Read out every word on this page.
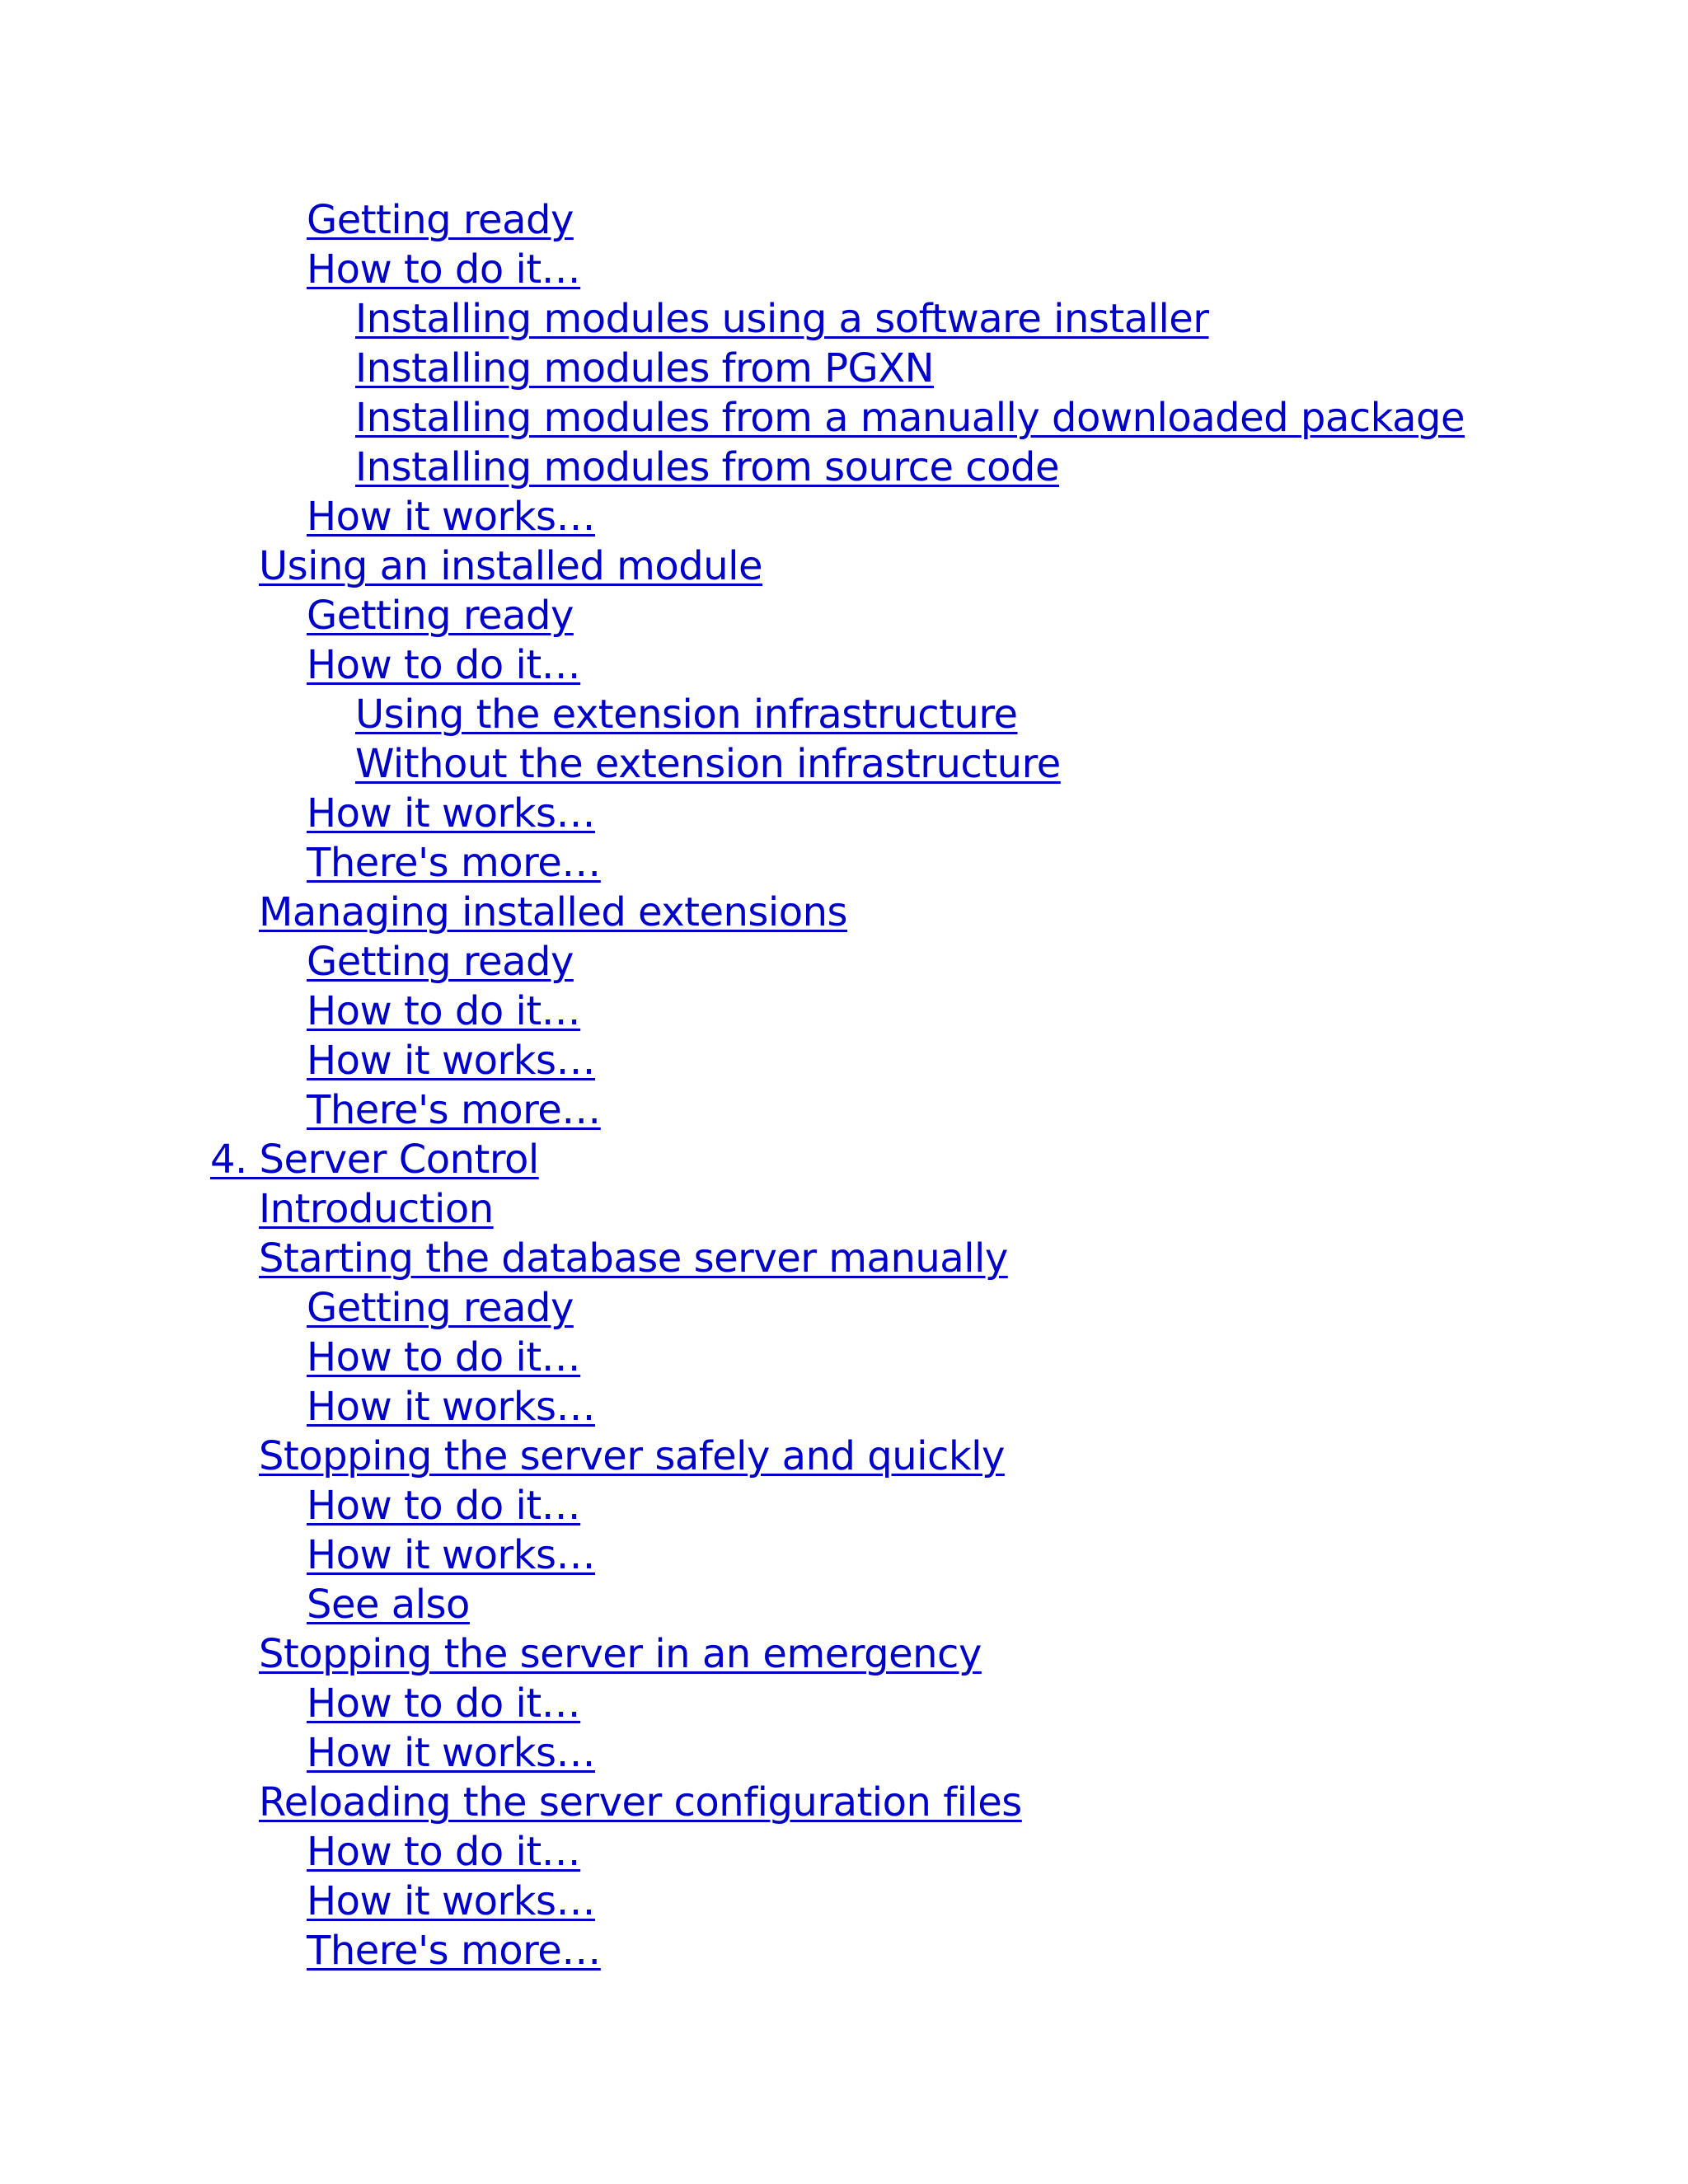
Getting ready
How to do it…
Installing modules using a software installer
Installing modules from PGXN
Installing modules from a manually downloaded package
Installing modules from source code
How it works…
Using an installed module
Getting ready
How to do it…
Using the extension infrastructure
Without the extension infrastructure
How it works…
There's more…
Managing installed extensions
Getting ready
How to do it…
How it works…
There's more…
4. Server Control
Introduction
Starting the database server manually
Getting ready
How to do it…
How it works…
Stopping the server safely and quickly
How to do it…
How it works…
See also
Stopping the server in an emergency
How to do it…
How it works…
Reloading the server configuration files
How to do it…
How it works…
There's more…
